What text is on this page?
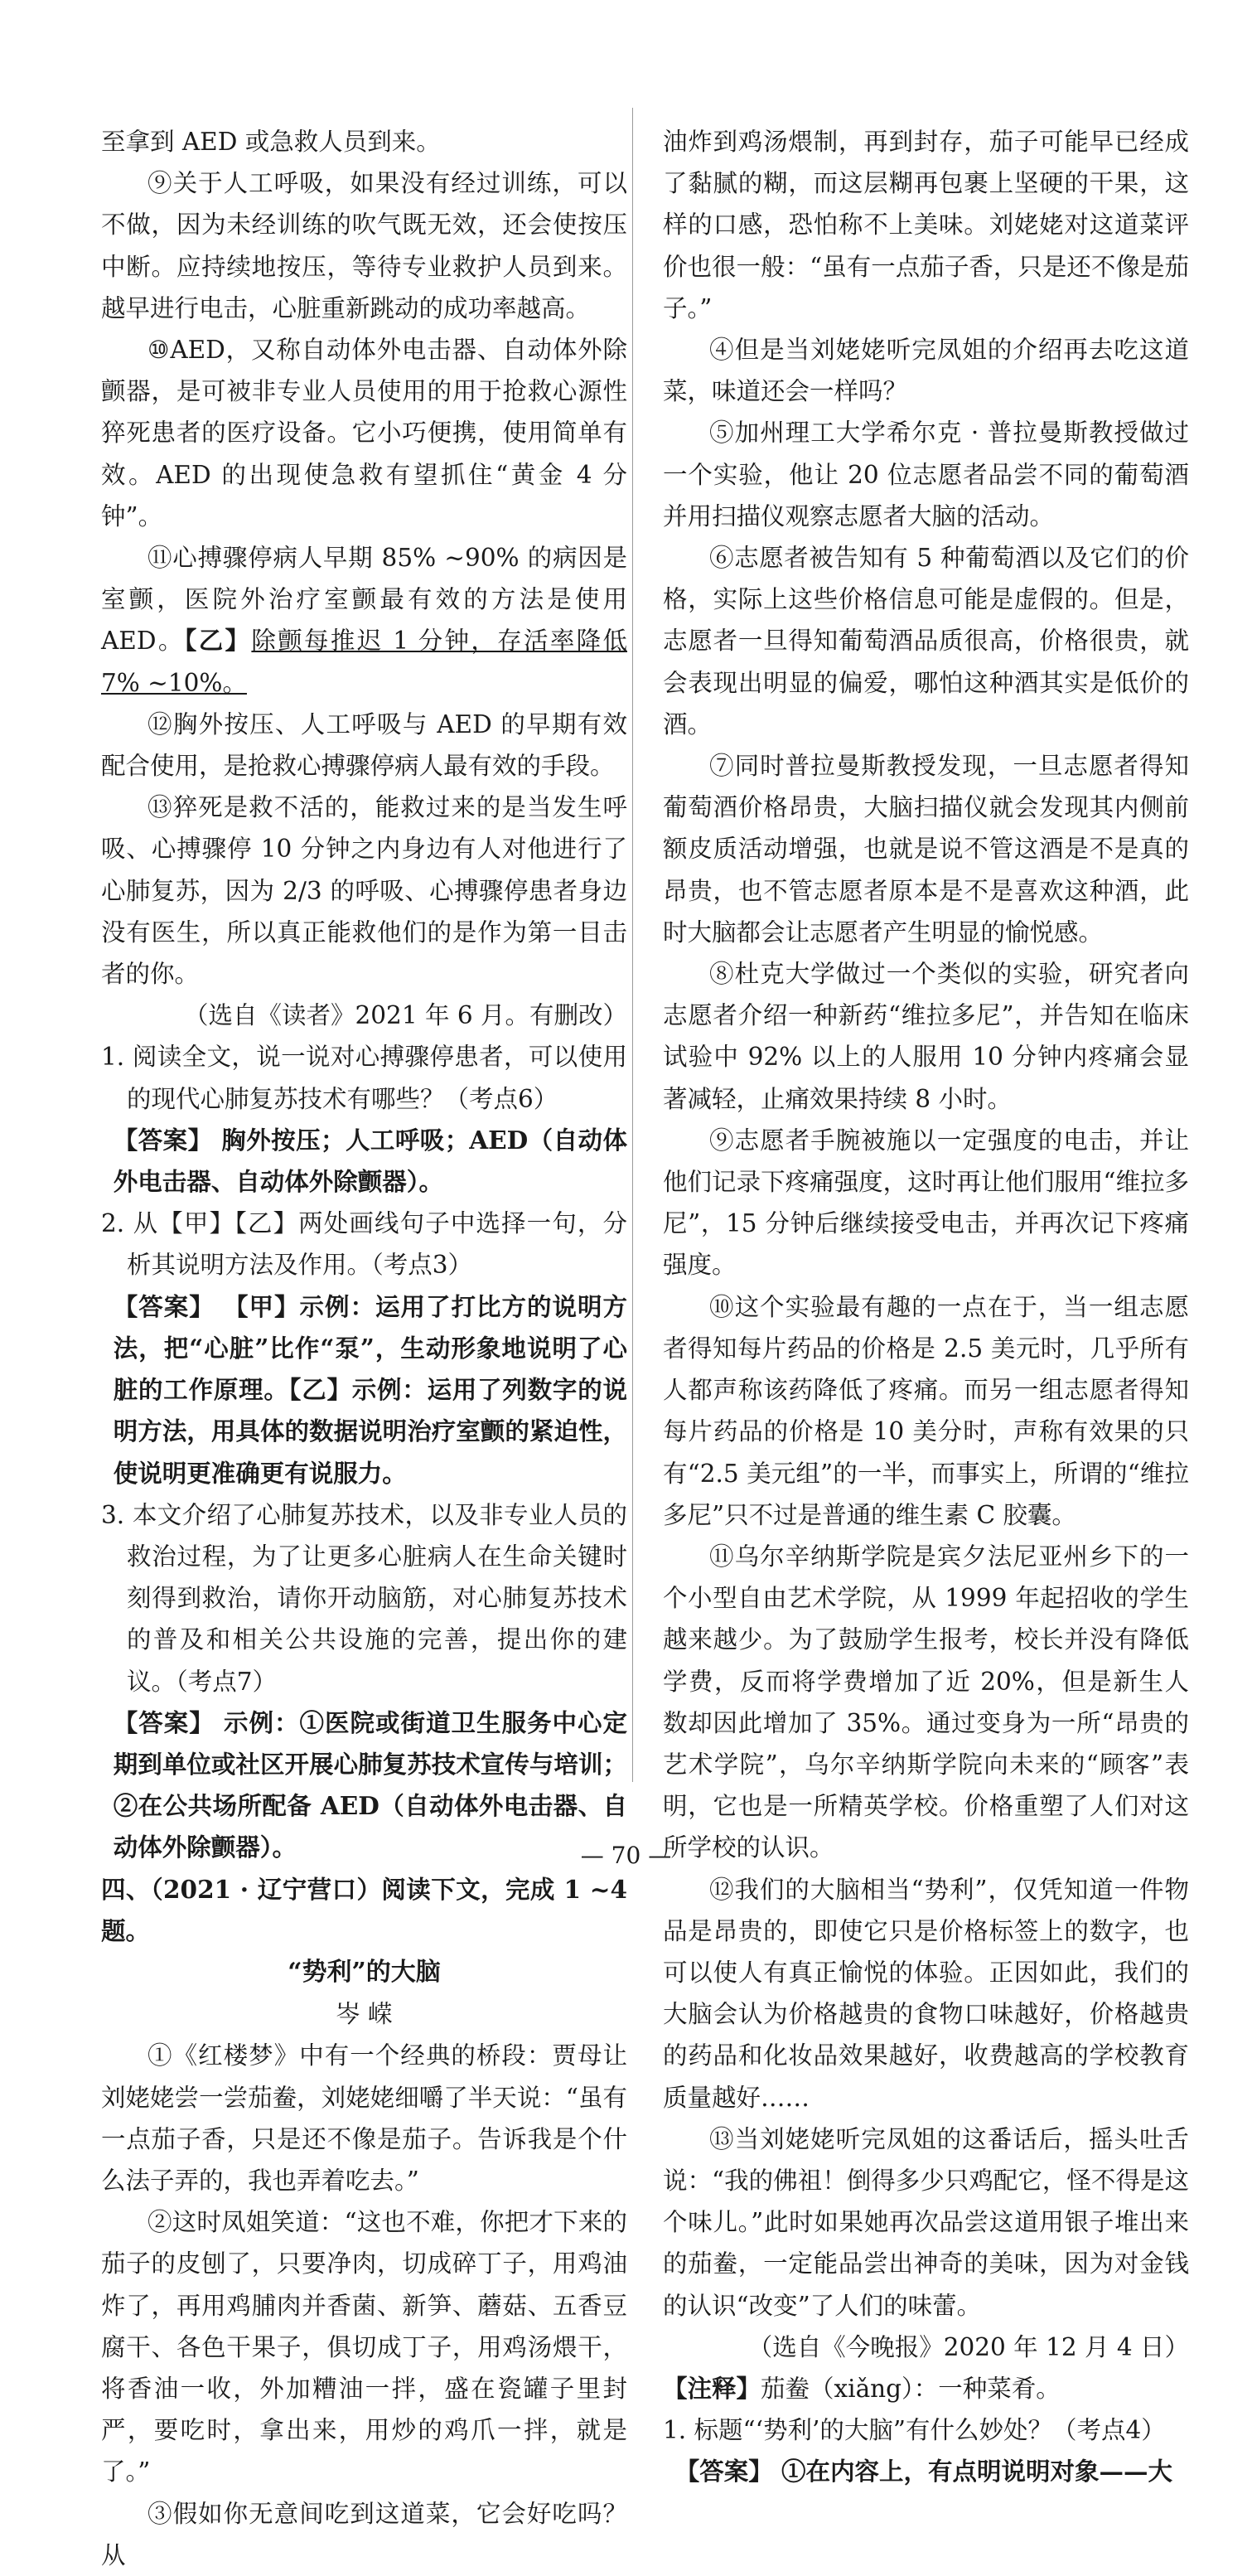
至拿到 AED 或急救人员到来。

⑨关于人工呼吸，如果没有经过训练，可以不做，因为未经训练的吹气既无效，还会使按压中断。应持续地按压，等待专业救护人员到来。越早进行电击，心脏重新跳动的成功率越高。

⑩AED，又称自动体外电击器、自动体外除颤器，是可被非专业人员使用的用于抢救心源性猝死患者的医疗设备。它小巧便携，使用简单有效。AED 的出现使急救有望抓住“黄金 4 分钟”。

⑪心搏骤停病人早期 85% ~90% 的病因是室颤，医院外治疗室颤最有效的方法是使用 AED。【乙】除颤每推迟 1 分钟，存活率降低 7% ~10%。

⑫胸外按压、人工呼吸与 AED 的早期有效配合使用，是抢救心搏骤停病人最有效的手段。

⑬猝死是救不活的，能救过来的是当发生呼吸、心搏骤停 10 分钟之内身边有人对他进行了心肺复苏，因为 2/3 的呼吸、心搏骤停患者身边没有医生，所以真正能救他们的是作为第一目击者的你。

（选自《读者》2021 年 6 月。有删改）

1. 阅读全文，说一说对心搏骤停患者，可以使用的现代心肺复苏技术有哪些？（考点6）

【答案】 胸外按压；人工呼吸；AED（自动体外电击器、自动体外除颤器）。

2. 从【甲】【乙】两处画线句子中选择一句，分析其说明方法及作用。（考点3）

【答案】 【甲】示例：运用了打比方的说明方法，把“心脏”比作“泵”，生动形象地说明了心脏的工作原理。【乙】示例：运用了列数字的说明方法，用具体的数据说明治疗室颤的紧迫性，使说明更准确更有说服力。

3. 本文介绍了心肺复苏技术，以及非专业人员的救治过程，为了让更多心脏病人在生命关键时刻得到救治，请你开动脑筋，对心肺复苏技术的普及和相关公共设施的完善，提出你的建议。（考点7）

【答案】 示例：①医院或街道卫生服务中心定期到单位或社区开展心肺复苏技术宣传与培训；②在公共场所配备 AED（自动体外电击器、自动体外除颤器）。

四、（2021 · 辽宁营口）阅读下文，完成 1 ~4 题。

“势利”的大脑

岑 嵘

①《红楼梦》中有一个经典的桥段：贾母让刘姥姥尝一尝茄鲞，刘姥姥细嚼了半天说：“虽有一点茄子香，只是还不像是茄子。告诉我是个什么法子弄的，我也弄着吃去。”

②这时凤姐笑道：“这也不难，你把才下来的茄子的皮刨了，只要净肉，切成碎丁子，用鸡油炸了，再用鸡脯肉并香菌、新笋、蘑菇、五香豆腐干、各色干果子，俱切成丁子，用鸡汤煨干，将香油一收，外加糟油一拌，盛在瓷罐子里封严，要吃时，拿出来，用炒的鸡爪一拌，就是了。”

③假如你无意间吃到这道菜，它会好吃吗？从

油炸到鸡汤煨制，再到封存，茄子可能早已经成了黏腻的糊，而这层糊再包裹上坚硬的干果，这样的口感，恐怕称不上美味。刘姥姥对这道菜评价也很一般：“虽有一点茄子香，只是还不像是茄子。”

④但是当刘姥姥听完凤姐的介绍再去吃这道菜，味道还会一样吗？

⑤加州理工大学希尔克 · 普拉曼斯教授做过一个实验，他让 20 位志愿者品尝不同的葡萄酒并用扫描仪观察志愿者大脑的活动。

⑥志愿者被告知有 5 种葡萄酒以及它们的价格，实际上这些价格信息可能是虚假的。但是，志愿者一旦得知葡萄酒品质很高，价格很贵，就会表现出明显的偏爱，哪怕这种酒其实是低价的酒。

⑦同时普拉曼斯教授发现，一旦志愿者得知葡萄酒价格昂贵，大脑扫描仪就会发现其内侧前额皮质活动增强，也就是说不管这酒是不是真的昂贵，也不管志愿者原本是不是喜欢这种酒，此时大脑都会让志愿者产生明显的愉悦感。

⑧杜克大学做过一个类似的实验，研究者向志愿者介绍一种新药“维拉多尼”，并告知在临床试验中 92% 以上的人服用 10 分钟内疼痛会显著减轻，止痛效果持续 8 小时。

⑨志愿者手腕被施以一定强度的电击，并让他们记录下疼痛强度，这时再让他们服用“维拉多尼”，15 分钟后继续接受电击，并再次记下疼痛强度。

⑩这个实验最有趣的一点在于，当一组志愿者得知每片药品的价格是 2.5 美元时，几乎所有人都声称该药降低了疼痛。而另一组志愿者得知每片药品的价格是 10 美分时，声称有效果的只有“2.5 美元组”的一半，而事实上，所谓的“维拉多尼”只不过是普通的维生素 C 胶囊。

⑪乌尔辛纳斯学院是宾夕法尼亚州乡下的一个小型自由艺术学院，从 1999 年起招收的学生越来越少。为了鼓励学生报考，校长并没有降低学费，反而将学费增加了近 20%，但是新生人数却因此增加了 35%。通过变身为一所“昂贵的艺术学院”，乌尔辛纳斯学院向未来的“顾客”表明，它也是一所精英学校。价格重塑了人们对这所学校的认识。

⑫我们的大脑相当“势利”，仅凭知道一件物品是昂贵的，即使它只是价格标签上的数字，也可以使人有真正愉悦的体验。正因如此，我们的大脑会认为价格越贵的食物口味越好，价格越贵的药品和化妆品效果越好，收费越高的学校教育质量越好……

⑬当刘姥姥听完凤姐的这番话后，摇头吐舌说：“我的佛祖！倒得多少只鸡配它，怪不得是这个味儿。”此时如果她再次品尝这道用银子堆出来的茄鲞，一定能品尝出神奇的美味，因为对金钱的认识“改变”了人们的味蕾。

（选自《今晚报》2020 年 12 月 4 日）

【注释】茄鲞（xiǎng）：一种菜肴。

1. 标题“‘势利’的大脑”有什么妙处？（考点4）

【答案】 ①在内容上，有点明说明对象——大

— 70 —
